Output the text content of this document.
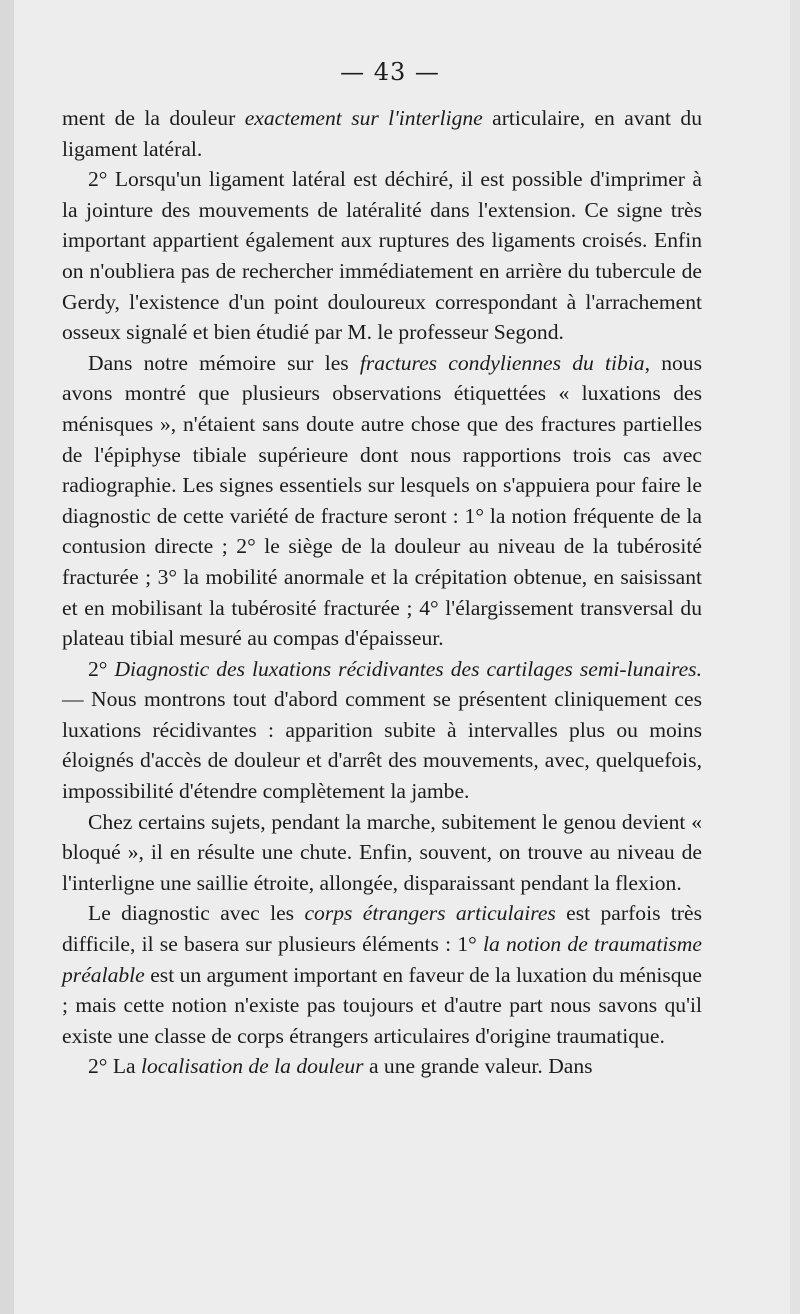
— 43 —

ment de la douleur exactement sur l'interligne articulaire, en avant du ligament latéral.

2° Lorsqu'un ligament latéral est déchiré, il est possible d'imprimer à la jointure des mouvements de latéralité dans l'extension. Ce signe très important appartient également aux ruptures des ligaments croisés. Enfin on n'oubliera pas de rechercher immédiatement en arrière du tubercule de Gerdy, l'existence d'un point douloureux correspondant à l'arrachement osseux signalé et bien étudié par M. le professeur Segond.

Dans notre mémoire sur les fractures condyliennes du tibia, nous avons montré que plusieurs observations étiquettées « luxations des ménisques », n'étaient sans doute autre chose que des fractures partielles de l'épiphyse tibiale supérieure dont nous rapportions trois cas avec radiographie. Les signes essentiels sur lesquels on s'appuiera pour faire le diagnostic de cette variété de fracture seront : 1° la notion fréquente de la contusion directe ; 2° le siège de la douleur au niveau de la tubérosité fracturée ; 3° la mobilité anormale et la crépitation obtenue, en saisissant et en mobilisant la tubérosité fracturée ; 4° l'élargissement transversal du plateau tibial mesuré au compas d'épaisseur.

2° Diagnostic des luxations récidivantes des cartilages semi-lunaires. — Nous montrons tout d'abord comment se présentent cliniquement ces luxations récidivantes : apparition subite à intervalles plus ou moins éloignés d'accès de douleur et d'arrêt des mouvements, avec, quelquefois, impossibilité d'étendre complètement la jambe.

Chez certains sujets, pendant la marche, subitement le genou devient « bloqué », il en résulte une chute. Enfin, souvent, on trouve au niveau de l'interligne une saillie étroite, allongée, disparaissant pendant la flexion.

Le diagnostic avec les corps étrangers articulaires est parfois très difficile, il se basera sur plusieurs éléments : 1° la notion de traumatisme préalable est un argument important en faveur de la luxation du ménisque ; mais cette notion n'existe pas toujours et d'autre part nous savons qu'il existe une classe de corps étrangers articulaires d'origine traumatique.

2° La localisation de la douleur a une grande valeur. Dans
